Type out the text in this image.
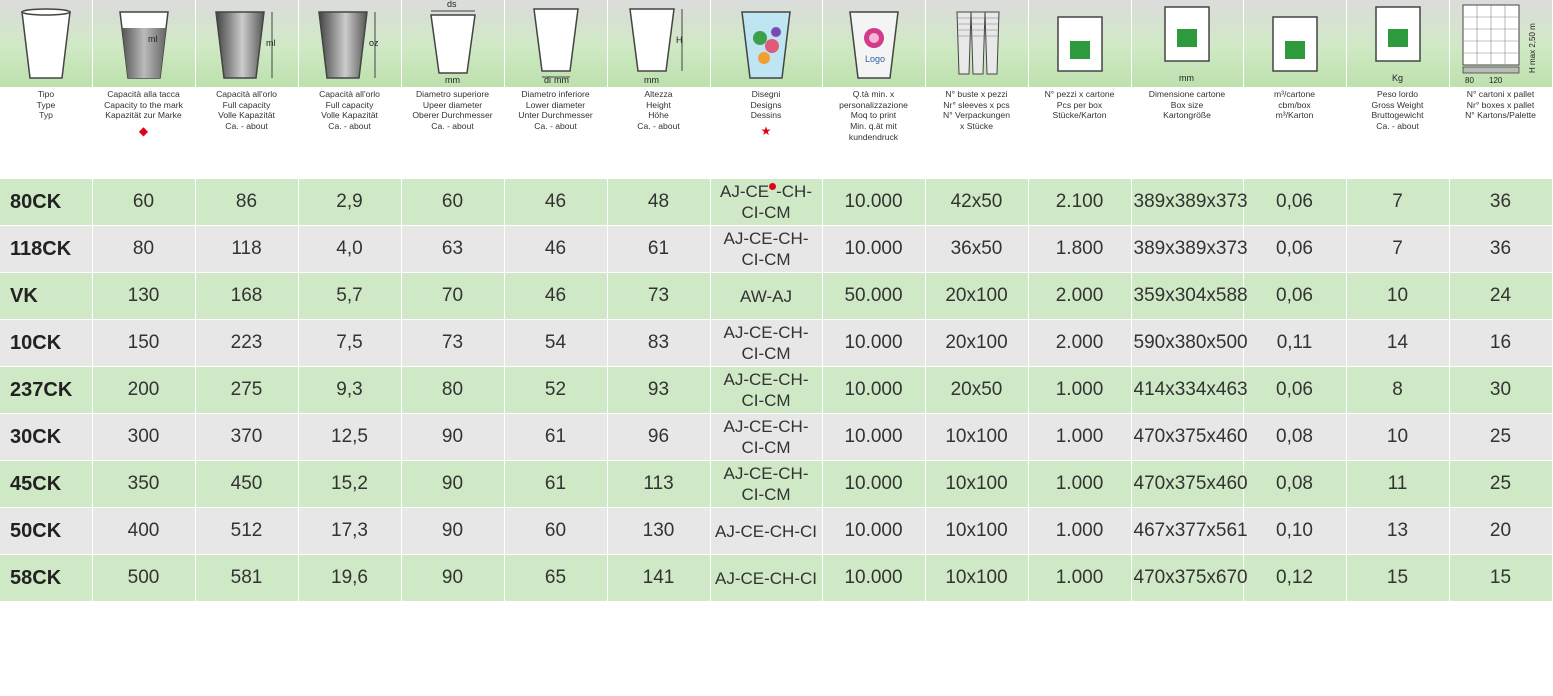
ml	ml	oz	ds
mm	di mm	H
mm		Logo			mm		Kg	80 120
H max 2,50 m

Tipo
Type
Typ	Capacità alla tacca
Capacity to the mark
Kapazität zur Marke
◆	Capacità all'orlo
Full capacity
Volle Kapazität
Ca. - about	Capacità all'orlo
Full capacity
Volle Kapazität
Ca. - about	Diametro superiore
Upeer diameter
Oberer Durchmesser
Ca. - about	Diametro inferiore
Lower diameter
Unter Durchmesser
Ca. - about	Altezza
Height
Höhe
Ca. - about	Disegni
Designs
Dessins
★	Q.tà min. x
personalizzazione
Moq to print
Min. q.ät mit
kundendruck	N° buste x pezzi
Nr° sleeves x pcs
N° Verpackungen
x Stücke	N° pezzi x cartone
Pcs per box
Stücke/Karton	Dimensione cartone
Box size
Kartongröße	m³/cartone
cbm/box
m³/Karton	Peso lordo
Gross Weight
Bruttogewicht
Ca. - about	N° cartoni x pallet
Nr° boxes x pallet
N° Kartons/Palette

80CK	60	86	2,9	60	46	48	AJ-CE -CH-CI-CM	10.000	42x50	2.100	389x389x373	0,06	7	36
118CK	80	118	4,0	63	46	61	AJ-CE-CH-CI-CM	10.000	36x50	1.800	389x389x373	0,06	7	36
VK	130	168	5,7	70	46	73	AW-AJ	50.000	20x100	2.000	359x304x588	0,06	10	24
10CK	150	223	7,5	73	54	83	AJ-CE-CH-CI-CM	10.000	20x100	2.000	590x380x500	0,11	14	16
237CK	200	275	9,3	80	52	93	AJ-CE-CH-CI-CM	10.000	20x50	1.000	414x334x463	0,06	8	30
30CK	300	370	12,5	90	61	96	AJ-CE-CH-CI-CM	10.000	10x100	1.000	470x375x460	0,08	10	25
45CK	350	450	15,2	90	61	113	AJ-CE-CH-CI-CM	10.000	10x100	1.000	470x375x460	0,08	11	25
50CK	400	512	17,3	90	60	130	AJ-CE-CH-CI	10.000	10x100	1.000	467x377x561	0,10	13	20
58CK	500	581	19,6	90	65	141	AJ-CE-CH-CI	10.000	10x100	1.000	470x375x670	0,12	15	15
